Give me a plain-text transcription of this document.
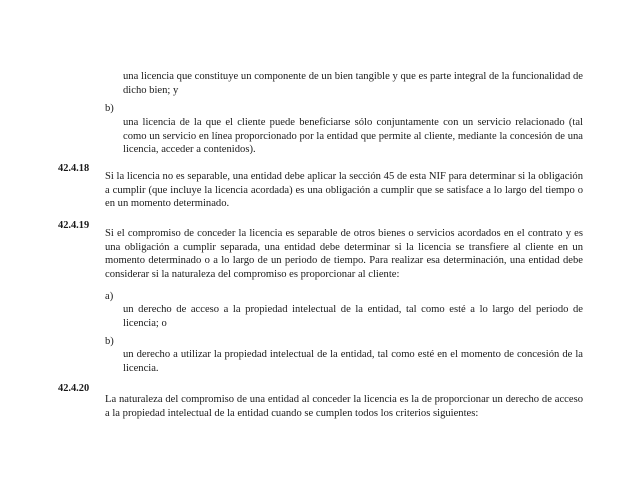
una licencia que constituye un componente de un bien tangible y que es parte integral de la funcionalidad de dicho bien; y

b)

una licencia de la que el cliente puede beneficiarse sólo conjuntamente con un servicio relacionado (tal como un servicio en línea proporcionado por la entidad que permite al cliente, mediante la concesión de una licencia, acceder a contenidos).

42.4.18

Si la licencia no es separable, una entidad debe aplicar la sección 45 de esta NIF para determinar si la obligación a cumplir (que incluye la licencia acordada) es una obligación a cumplir que se satisface a lo largo del tiempo o en un momento determinado.

42.4.19

Si el compromiso de conceder la licencia es separable de otros bienes o servicios acordados en el contrato y es una obligación a cumplir separada, una entidad debe determinar si la licencia se transfiere al cliente en un momento determinado o a lo largo de un periodo de tiempo. Para realizar esa determinación, una entidad debe considerar si la naturaleza del compromiso es proporcionar al cliente:

a)

un derecho de acceso a la propiedad intelectual de la entidad, tal como esté a lo largo del periodo de licencia; o

b)

un derecho a utilizar la propiedad intelectual de la entidad, tal como esté en el momento de concesión de la licencia.

42.4.20

La naturaleza del compromiso de una entidad al conceder la licencia es la de proporcionar un derecho de acceso a la propiedad intelectual de la entidad cuando se cumplen todos los criterios siguientes:
